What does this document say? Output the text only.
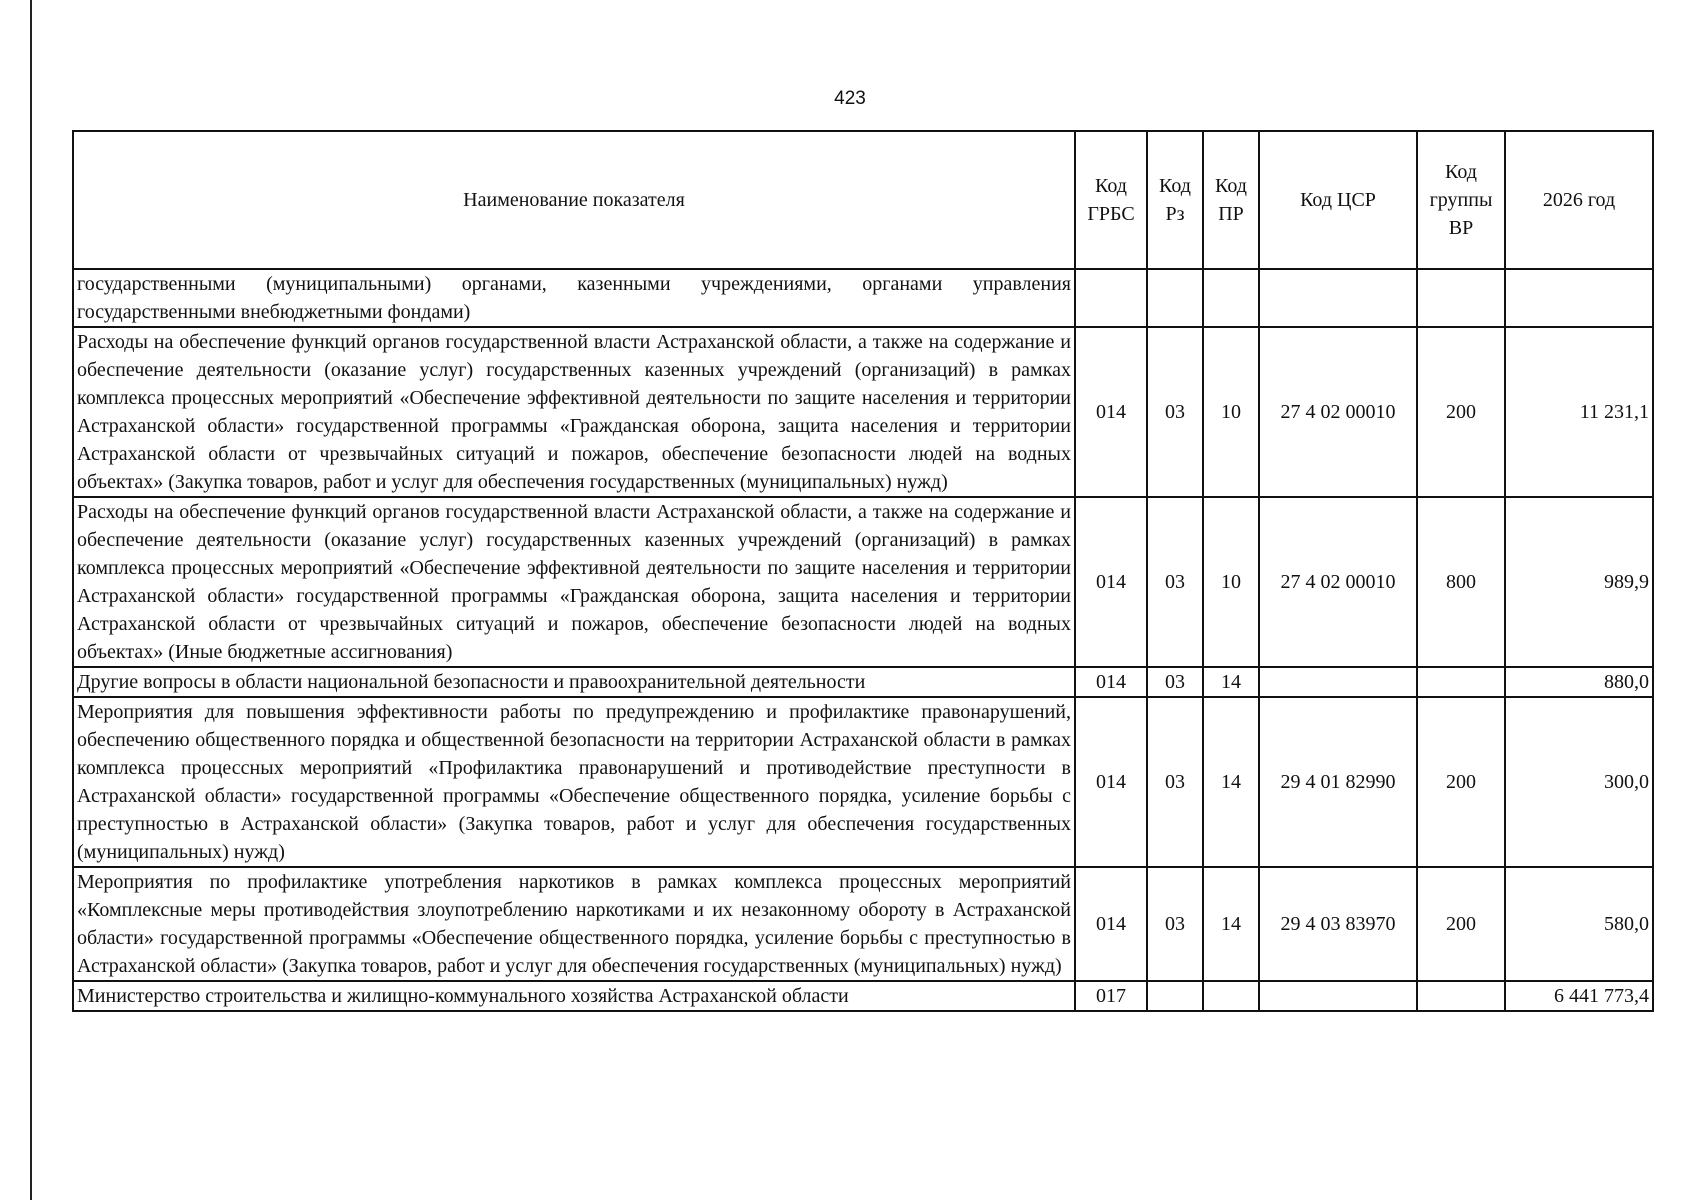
423
Наименование показателя	Код ГРБС	Код Рз	Код ПР	Код ЦСР	Код группы ВР	2026 год
государственными (муниципальными) органами, казенными учреждениями, органами управления государственными внебюджетными фондами)						
Расходы на обеспечение функций органов государственной власти Астраханской области, а также на содержание и обеспечение деятельности (оказание услуг) государственных казенных учреждений (организаций) в рамках комплекса процессных мероприятий «Обеспечение эффективной деятельности по защите населения и территории Астраханской области» государственной программы «Гражданская оборона, защита населения и территории Астраханской области от чрезвычайных ситуаций и пожаров, обеспечение безопасности людей на водных объектах» (Закупка товаров, работ и услуг для обеспечения государственных (муниципальных) нужд)	014	03	10	27 4 02 00010	200	11 231,1
Расходы на обеспечение функций органов государственной власти Астраханской области, а также на содержание и обеспечение деятельности (оказание услуг) государственных казенных учреждений (организаций) в рамках комплекса процессных мероприятий «Обеспечение эффективной деятельности по защите населения и территории Астраханской области» государственной программы «Гражданская оборона, защита населения и территории Астраханской области от чрезвычайных ситуаций и пожаров, обеспечение безопасности людей на водных объектах» (Иные бюджетные ассигнования)	014	03	10	27 4 02 00010	800	989,9
Другие вопросы в области национальной безопасности и правоохранительной деятельности	014	03	14			880,0
Мероприятия для повышения эффективности работы по предупреждению и профилактике правонарушений, обеспечению общественного порядка и общественной безопасности на территории Астраханской области в рамках комплекса процессных мероприятий «Профилактика правонарушений и противодействие преступности в Астраханской области» государственной программы «Обеспечение общественного порядка, усиление борьбы с преступностью в Астраханской области» (Закупка товаров, работ и услуг для обеспечения государственных (муниципальных) нужд)	014	03	14	29 4 01 82990	200	300,0
Мероприятия по профилактике употребления наркотиков в рамках комплекса процессных мероприятий «Комплексные меры противодействия злоупотреблению наркотиками и их незаконному обороту в Астраханской области» государственной программы «Обеспечение общественного порядка, усиление борьбы с преступностью в Астраханской области» (Закупка товаров, работ и услуг для обеспечения государственных (муниципальных) нужд)	014	03	14	29 4 03 83970	200	580,0
Министерство строительства и жилищно-коммунального хозяйства Астраханской области	017					6 441 773,4
